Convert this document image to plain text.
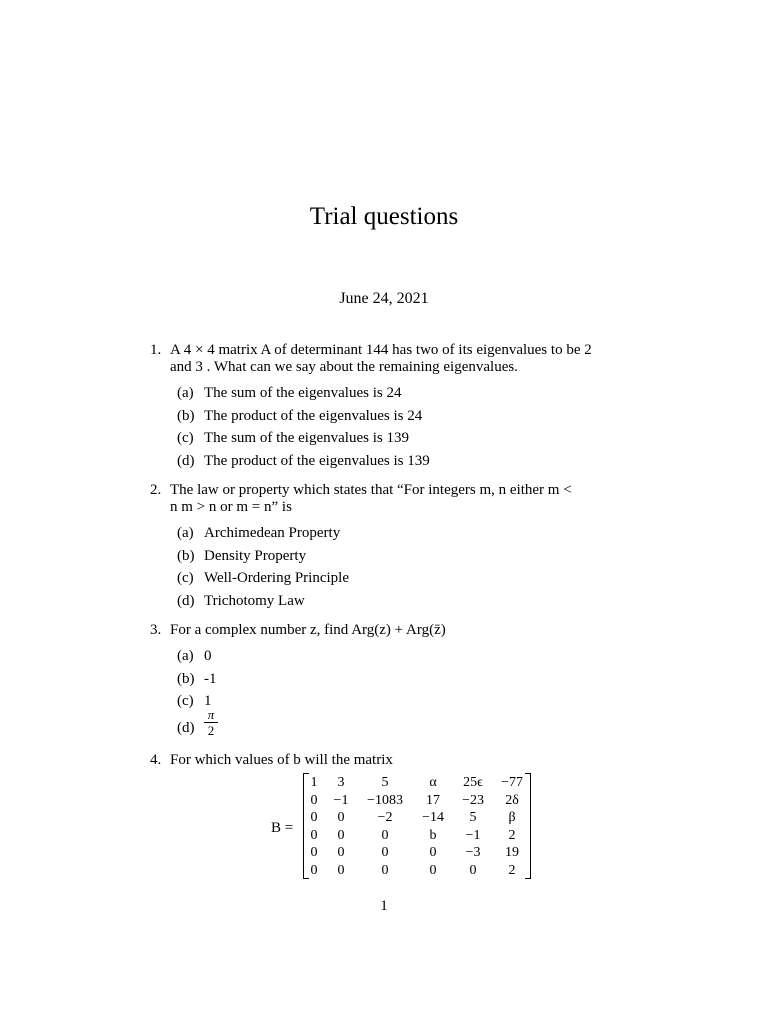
Trial questions
June 24, 2021
1. A 4 × 4 matrix A of determinant 144 has two of its eigenvalues to be 2
and 3 . What can we say about the remaining eigenvalues.
(a) The sum of the eigenvalues is 24
(b) The product of the eigenvalues is 24
(c) The sum of the eigenvalues is 139
(d) The product of the eigenvalues is 139
2. The law or property which states that “For integers m, n either m <
n m > n or m = n” is
(a) Archimedean Property
(b) Density Property
(c) Well-Ordering Principle
(d) Trichotomy Law
3. For a complex number z, find Arg(z) + Arg(z̄)
(a) 0
(b) -1
(c) 1
(d)
π
2
4. For which values of b will the matrix
B =
1	3	5	α	25ϵ	−77
0	−1	−1083	17	−23	2δ
0	0	−2	−14	5	β
0	0	0	b	−1	2
0	0	0	0	−3	19
0	0	0	0	0	2
1
